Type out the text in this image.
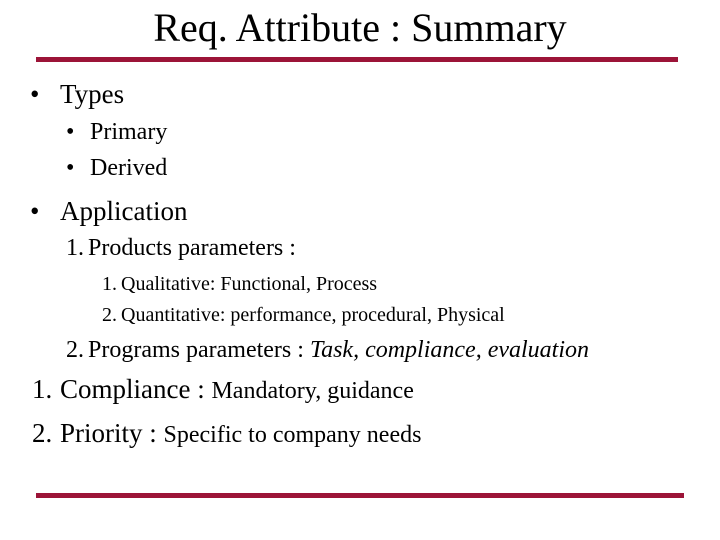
Req. Attribute : Summary
• Types
• Primary
• Derived
• Application
1. Products parameters :
1. Qualitative: Functional, Process
2. Quantitative: performance, procedural, Physical
2. Programs parameters : Task, compliance, evaluation
1. Compliance : Mandatory, guidance
2. Priority : Specific to company needs
